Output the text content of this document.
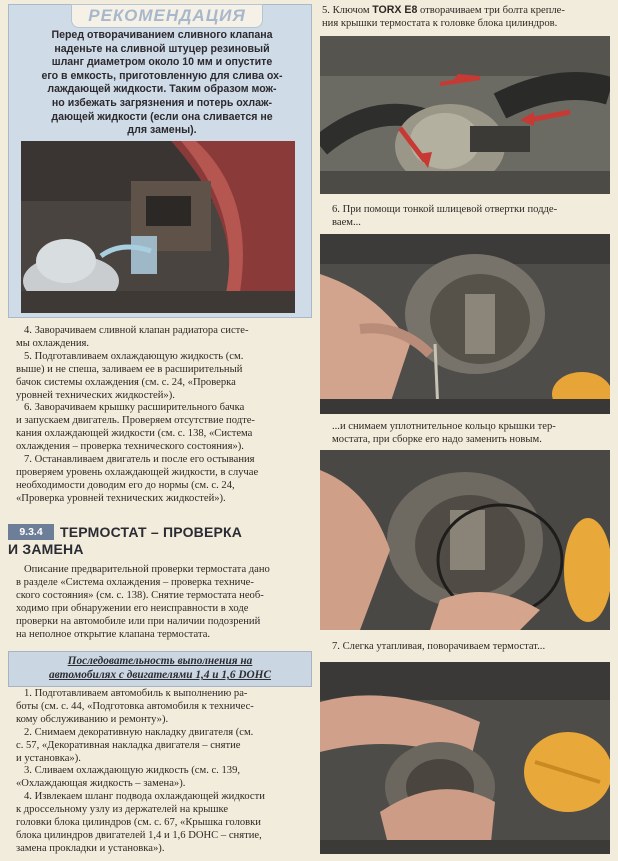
РЕКОМЕНДАЦИЯ
Перед отворачиванием сливного клапана
наденьте на сливной штуцер резиновый
шланг диаметром около 10 мм и опустите
его в емкость, приготовленную для слива ох-
лаждающей жидкости. Таким образом мож-
но избежать загрязнения и потерь охлаж-
дающей жидкости (если она сливается не
для замены).

4. Заворачиваем сливной клапан радиатора систе-
мы охлаждения.

5. Подготавливаем охлаждающую жидкость (см.
выше) и не спеша, заливаем ее в расширительный
бачок системы охлаждения (см. с. 24, «Проверка
уровней технических жидкостей»).

6. Заворачиваем крышку расширительного бачка
и запускаем двигатель. Проверяем отсутствие подте-
кания охлаждающей жидкости (см. с. 138, «Система
охлаждения – проверка технического состояния»).

7. Останавливаем двигатель и после его остывания
проверяем уровень охлаждающей жидкости, в случае
необходимости доводим его до нормы (см. с. 24,
«Проверка уровней технических жидкостей»).

9.3.4	ТЕРМОСТАТ – ПРОВЕРКА
И ЗАМЕНА

Описание предварительной проверки термостата дано
в разделе «Система охлаждения – проверка техниче-
ского состояния» (см. с. 138). Снятие термостата необ-
ходимо при обнаружении его неисправности в ходе
проверки на автомобиле или при наличии подозрений
на неполное открытие клапана термостата.

Последовательность выполнения на
автомобилях с двигателями 1,4 и 1,6 DOHC

1. Подготавливаем автомобиль к выполнению ра-
боты (см. с. 44, «Подготовка автомобиля к техничес-
кому обслуживанию и ремонту»).

2. Снимаем декоративную накладку двигателя (см.
с. 57, «Декоративная накладка двигателя – снятие
и установка»).

3. Сливаем охлаждающую жидкость (см. с. 139,
«Охлаждающая жидкость – замена»).

4. Извлекаем шланг подвода охлаждающей жидкости
к дроссельному узлу из держателей на крышке
головки блока цилиндров (см. с. 67, «Крышка головки
блока цилиндров двигателей 1,4 и 1,6 DOHC – снятие,
замена прокладки и установка»).

5. Ключом TORX E8 отворачиваем три болта крепле-
ния крышки термостата к головке блока цилиндров.
6. При помощи тонкой шлицевой отвертки подде-
ваем...
...и снимаем уплотнительное кольцо крышки тер-
мостата, при сборке его надо заменить новым.
7. Слегка утапливая, поворачиваем термостат...
